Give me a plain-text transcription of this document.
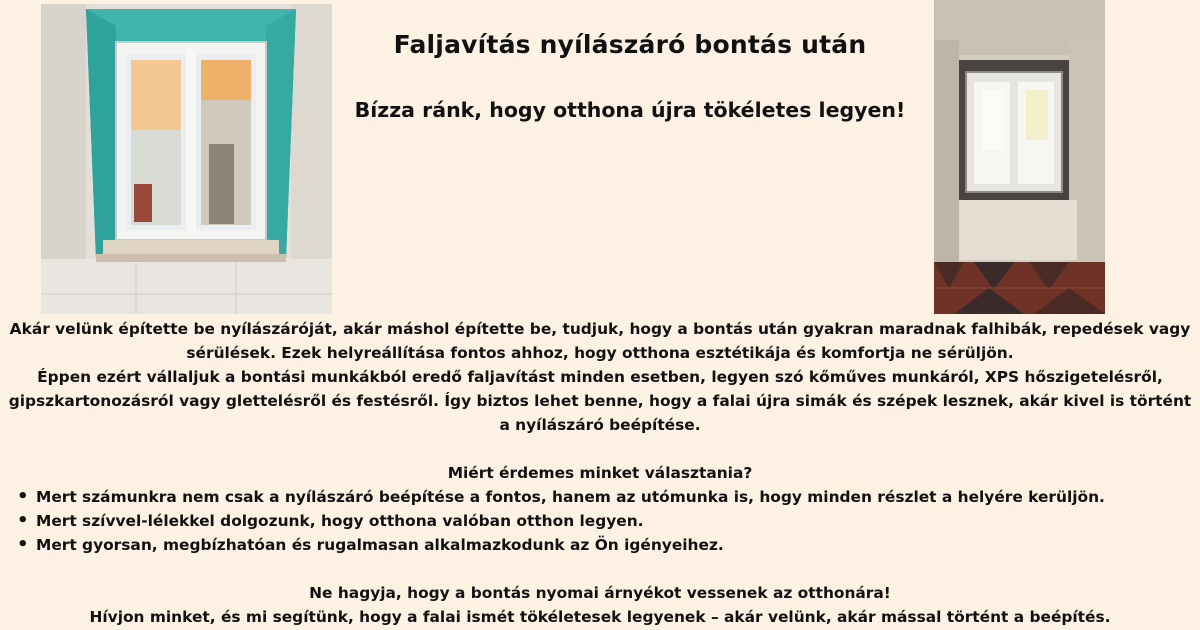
Faljavítás nyílászáró bontás után
Bízza ránk, hogy otthona újra tökéletes legyen!

Akár velünk építette be nyílászáróját, akár máshol építette be, tudjuk, hogy a bontás után gyakran maradnak falhibák, repedések vagy sérülések. Ezek helyreállítása fontos ahhoz, hogy otthona esztétikája és komfortja ne sérüljön.

Éppen ezért vállaljuk a bontási munkákból eredő faljavítást minden esetben, legyen szó kőműves munkáról, XPS hőszigetelésről, gipszkartonozásról vagy glettelésről és festésről. Így biztos lehet benne, hogy a falai újra simák és szépek lesznek, akár kivel is történt a nyílászáró beépítése.

Miért érdemes minket választania?

• Mert számunkra nem csak a nyílászáró beépítése a fontos, hanem az utómunka is, hogy minden részlet a helyére kerüljön.
• Mert szívvel-lélekkel dolgozunk, hogy otthona valóban otthon legyen.
• Mert gyorsan, megbízhatóan és rugalmasan alkalmazkodunk az Ön igényeihez.

Ne hagyja, hogy a bontás nyomai árnyékot vessenek az otthonára!

Hívjon minket, és mi segítünk, hogy a falai ismét tökéletesek legyenek – akár velünk, akár mással történt a beépítés.
